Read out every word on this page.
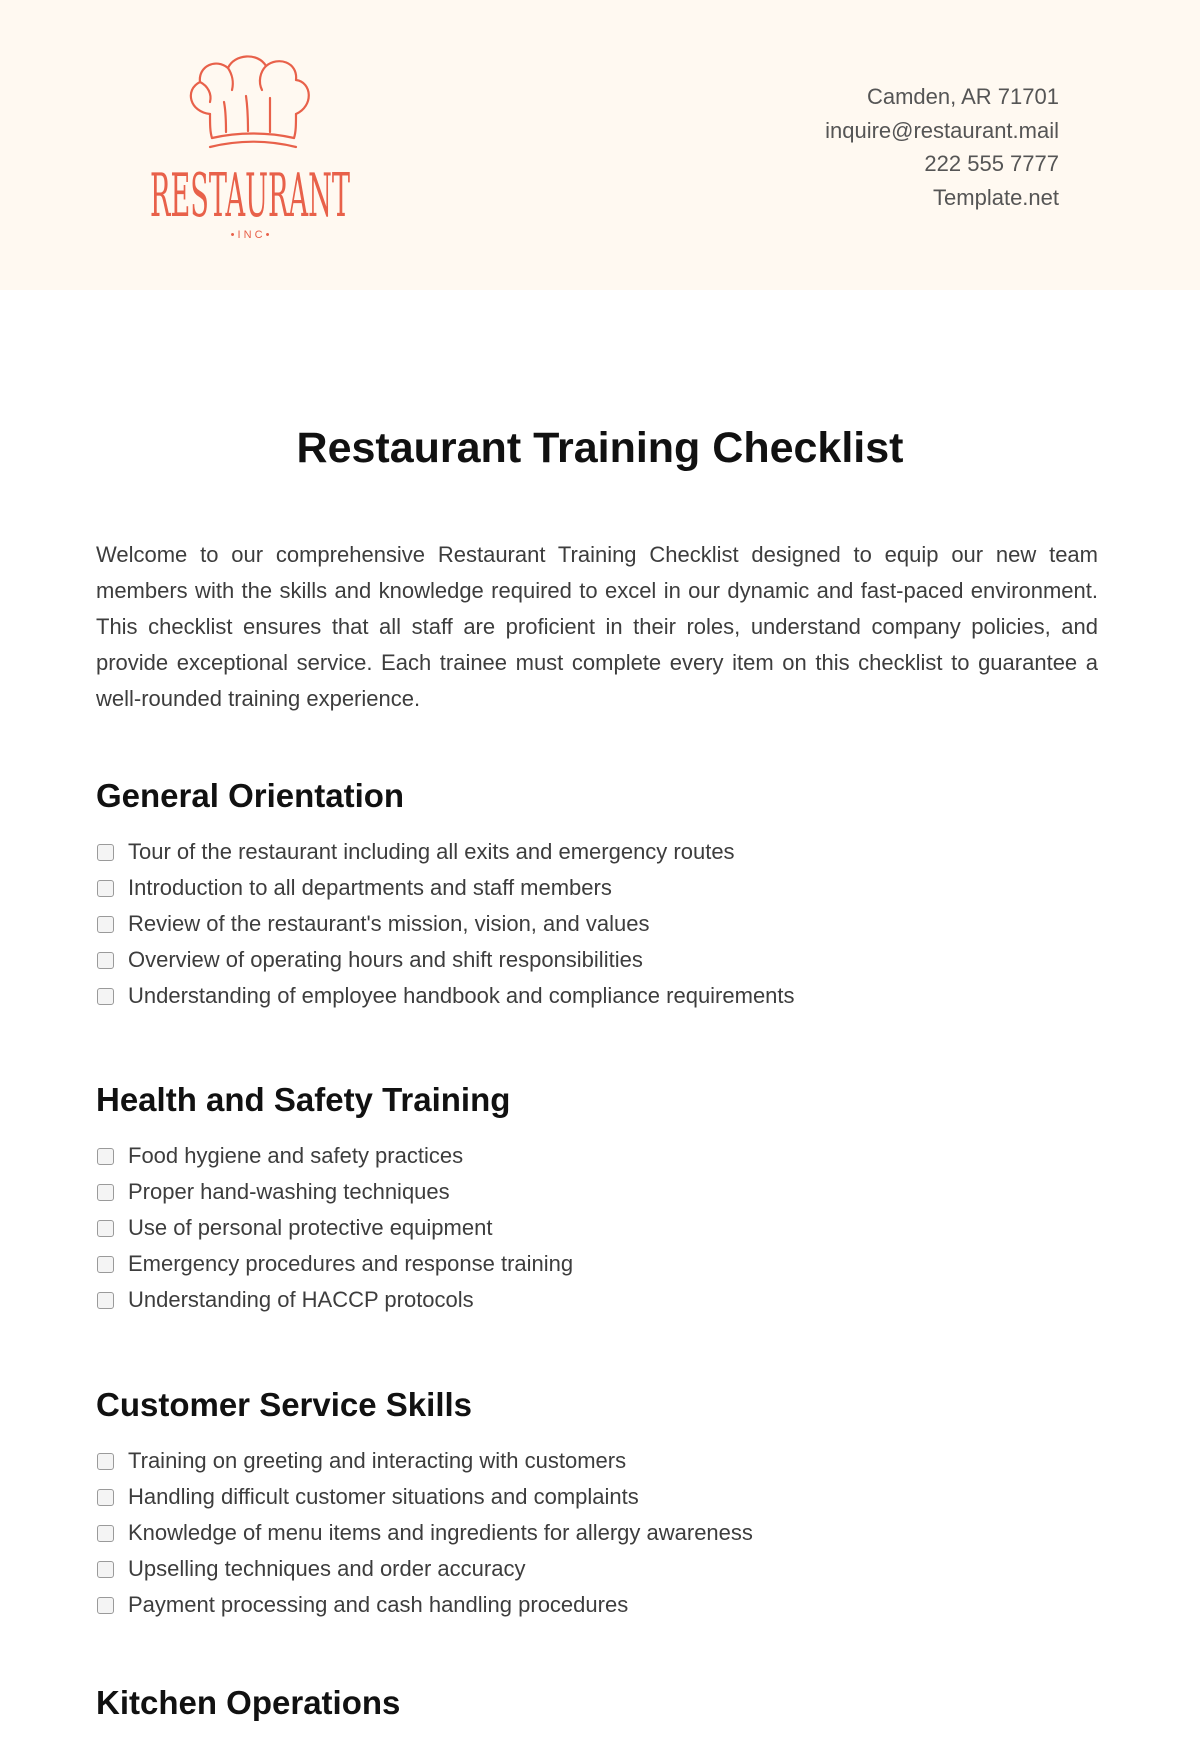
RESTAURANT
• I N C •
Camden, AR 71701
inquire@restaurant.mail
222 555 7777
Template.net
Restaurant Training Checklist

Welcome to our comprehensive Restaurant Training Checklist designed to equip our new team members with the skills and knowledge required to excel in our dynamic and fast-paced environment. This checklist ensures that all staff are proficient in their roles, understand company policies, and provide exceptional service. Each trainee must complete every item on this checklist to guarantee a well-rounded training experience.

General Orientation
Tour of the restaurant including all exits and emergency routes
Introduction to all departments and staff members
Review of the restaurant's mission, vision, and values
Overview of operating hours and shift responsibilities
Understanding of employee handbook and compliance requirements
Health and Safety Training
Food hygiene and safety practices
Proper hand-washing techniques
Use of personal protective equipment
Emergency procedures and response training
Understanding of HACCP protocols
Customer Service Skills
Training on greeting and interacting with customers
Handling difficult customer situations and complaints
Knowledge of menu items and ingredients for allergy awareness
Upselling techniques and order accuracy
Payment processing and cash handling procedures
Kitchen Operations
